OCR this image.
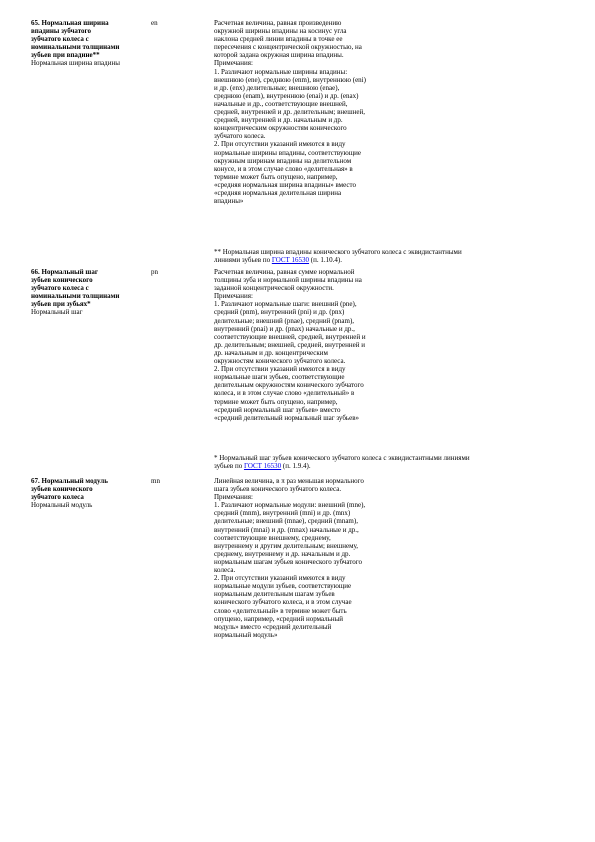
65. Нормальная ширина
впадины зубчатого
зубчатого колеса с
номинальными толщинами
зубьев при впадине**
Нормальная ширина впадины
en	Расчетная величина, равная произведению
окружной ширины впадины на косинус угла
наклона средней линии впадины в точке ее
пересечения с концентрической окружностью, на
которой задана окружная ширина впадины.
Примечания:
1. Различают нормальные ширины впадины:
внешнюю (ene), среднюю (enm), внутреннюю (eni)
и др. (enx) делительные; внешнюю (enae),
среднюю (enam), внутреннюю (enai) и др. (enax)
начальные и др., соответствующие внешней,
средней, внутренней и др. делительным; внешней,
средней, внутренней и др. начальным и др.
концентрическим окружностям конического
зубчатого колеса.
2. При отсутствии указаний имеются в виду
нормальные ширины впадины, соответствующие
окружным ширинам впадины на делительном
конусе, и в этом случае слово «делительная» в
термине может быть опущено, например,
«средняя нормальная ширина впадины» вместо
«средняя нормальная делительная ширина
впадины»
** Нормальная ширина впадины конического зубчатого колеса с эквидистантными
линиями зубьев по ГОСТ 16530 (п. 1.10.4).
66. Нормальный шаг
зубьев конического
зубчатого колеса с
номинальными толщинами
зубьев при зубьях*
Нормальный шаг
pn	Расчетная величина, равная сумме нормальной
толщины зуба и нормальной ширины впадины на
заданной концентрической окружности.
Примечания:
1. Различают нормальные шаги: внешний (pne),
средний (pnm), внутренний (pni) и др. (pnx)
делительные; внешний (pnae), средний (pnam),
внутренний (pnai) и др. (pnax) начальные и др.,
соответствующие внешней, средней, внутренней и
др. делительным; внешней, средней, внутренней и
др. начальным и др. концентрическим
окружностям конического зубчатого колеса.
2. При отсутствии указаний имеются в виду
нормальные шаги зубьев, соответствующие
делительным окружностям конического зубчатого
колеса, и в этом случае слово «делительный» в
термине может быть опущено, например,
«средний нормальный шаг зубьев» вместо
«средний делительный нормальный шаг зубьев»
* Нормальный шаг зубьев конического зубчатого колеса с эквидистантными линиями
зубьев по ГОСТ 16530 (п. 1.9.4).
67. Нормальный модуль
зубьев конического
зубчатого колеса
Нормальный модуль
mn	Линейная величина, в π раз меньшая нормального
шага зубьев конического зубчатого колеса.
Примечания:
1. Различают нормальные модули: внешний (mne),
средний (mnm), внутренний (mni) и др. (mnx)
делительные; внешний (mnae), средний (mnam),
внутренний (mnai) и др. (mnax) начальные и др.,
соответствующие внешнему, среднему,
внутреннему и другим делительным; внешнему,
среднему, внутреннему и др. начальным и др.
нормальным шагам зубьев конического зубчатого
колеса.
2. При отсутствии указаний имеются в виду
нормальные модули зубьев, соответствующие
нормальным делительным шагам зубьев
конического зубчатого колеса, и в этом случае
слово «делительный» в термине может быть
опущено, например, «средний нормальный
модуль» вместо «средний делительный
нормальный модуль»
